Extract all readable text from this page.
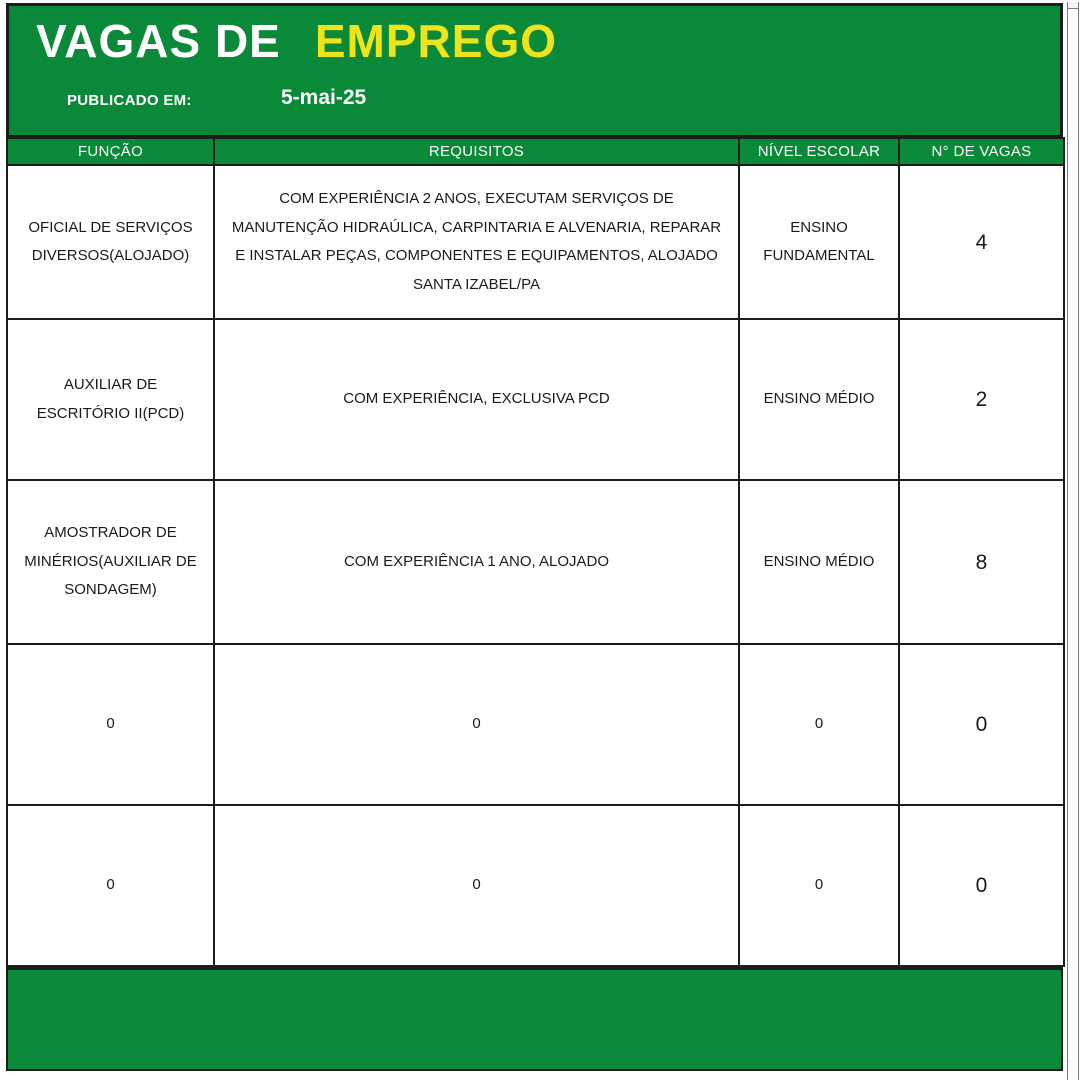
VAGAS DE EMPREGO
PUBLICADO EM:	5-mai-25
FUNÇÃO	REQUISITOS	NÍVEL ESCOLAR	N° DE VAGAS
OFICIAL DE SERVIÇOS DIVERSOS(ALOJADO)	COM EXPERIÊNCIA 2 ANOS, EXECUTAM SERVIÇOS DE MANUTENÇÃO HIDRAÚLICA, CARPINTARIA E ALVENARIA, REPARAR E INSTALAR PEÇAS, COMPONENTES E EQUIPAMENTOS, ALOJADO SANTA IZABEL/PA	ENSINO FUNDAMENTAL	4
AUXILIAR DE ESCRITÓRIO II(PCD)	COM EXPERIÊNCIA, EXCLUSIVA PCD	ENSINO MÉDIO	2
AMOSTRADOR DE MINÉRIOS(AUXILIAR DE SONDAGEM)	COM EXPERIÊNCIA 1 ANO, ALOJADO	ENSINO MÉDIO	8
0	0	0	0
0	0	0	0
